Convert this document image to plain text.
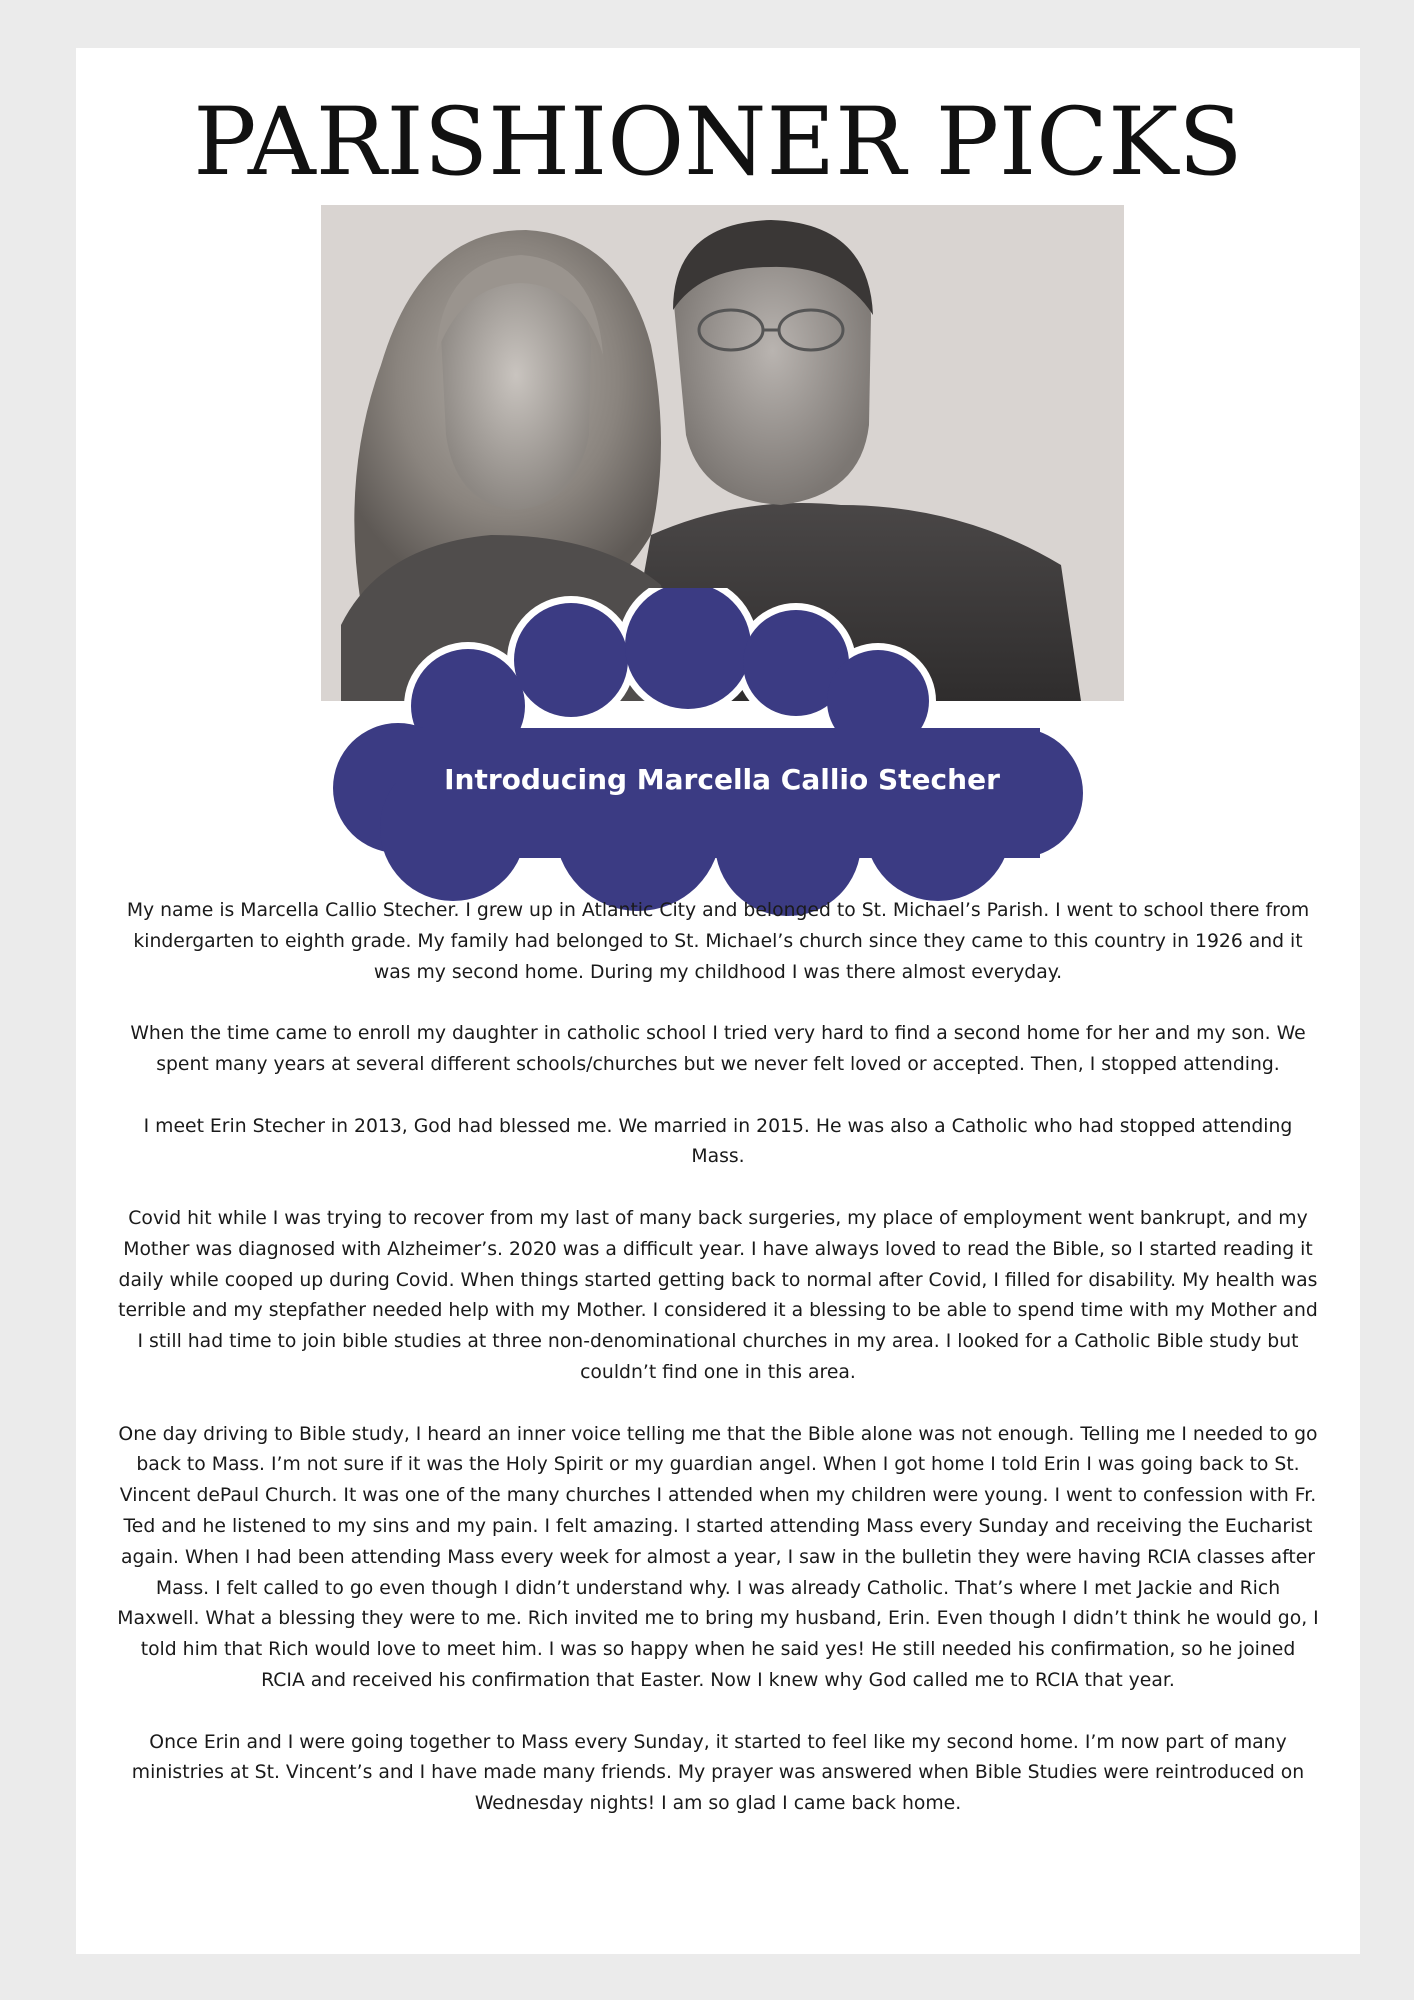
PARISHIONER PICKS
Introducing Marcella Callio Stecher

My name is Marcella Callio Stecher. I grew up in Atlantic City and belonged to St. Michael’s Parish. I went to school there from kindergarten to eighth grade. My family had belonged to St. Michael’s church since they came to this country in 1926 and it was my second home. During my childhood I was there almost everyday.

When the time came to enroll my daughter in catholic school I tried very hard to find a second home for her and my son. We spent many years at several different schools/churches but we never felt loved or accepted. Then, I stopped attending.

I meet Erin Stecher in 2013, God had blessed me. We married in 2015. He was also a Catholic who had stopped attending Mass.

Covid hit while I was trying to recover from my last of many back surgeries, my place of employment went bankrupt, and my Mother was diagnosed with Alzheimer’s. 2020 was a difficult year. I have always loved to read the Bible, so I started reading it daily while cooped up during Covid. When things started getting back to normal after Covid, I filled for disability. My health was terrible and my stepfather needed help with my Mother. I considered it a blessing to be able to spend time with my Mother and I still had time to join bible studies at three non-denominational churches in my area. I looked for a Catholic Bible study but couldn’t find one in this area.

One day driving to Bible study, I heard an inner voice telling me that the Bible alone was not enough. Telling me I needed to go back to Mass. I’m not sure if it was the Holy Spirit or my guardian angel. When I got home I told Erin I was going back to St. Vincent dePaul Church. It was one of the many churches I attended when my children were young. I went to confession with Fr. Ted and he listened to my sins and my pain. I felt amazing. I started attending Mass every Sunday and receiving the Eucharist again. When I had been attending Mass every week for almost a year, I saw in the bulletin they were having RCIA classes after Mass. I felt called to go even though I didn’t understand why. I was already Catholic. That’s where I met Jackie and Rich Maxwell. What a blessing they were to me. Rich invited me to bring my husband, Erin. Even though I didn’t think he would go, I told him that Rich would love to meet him. I was so happy when he said yes! He still needed his confirmation, so he joined RCIA and received his confirmation that Easter. Now I knew why God called me to RCIA that year.

Once Erin and I were going together to Mass every Sunday, it started to feel like my second home. I’m now part of many ministries at St. Vincent’s and I have made many friends. My prayer was answered when Bible Studies were reintroduced on Wednesday nights! I am so glad I came back home.
